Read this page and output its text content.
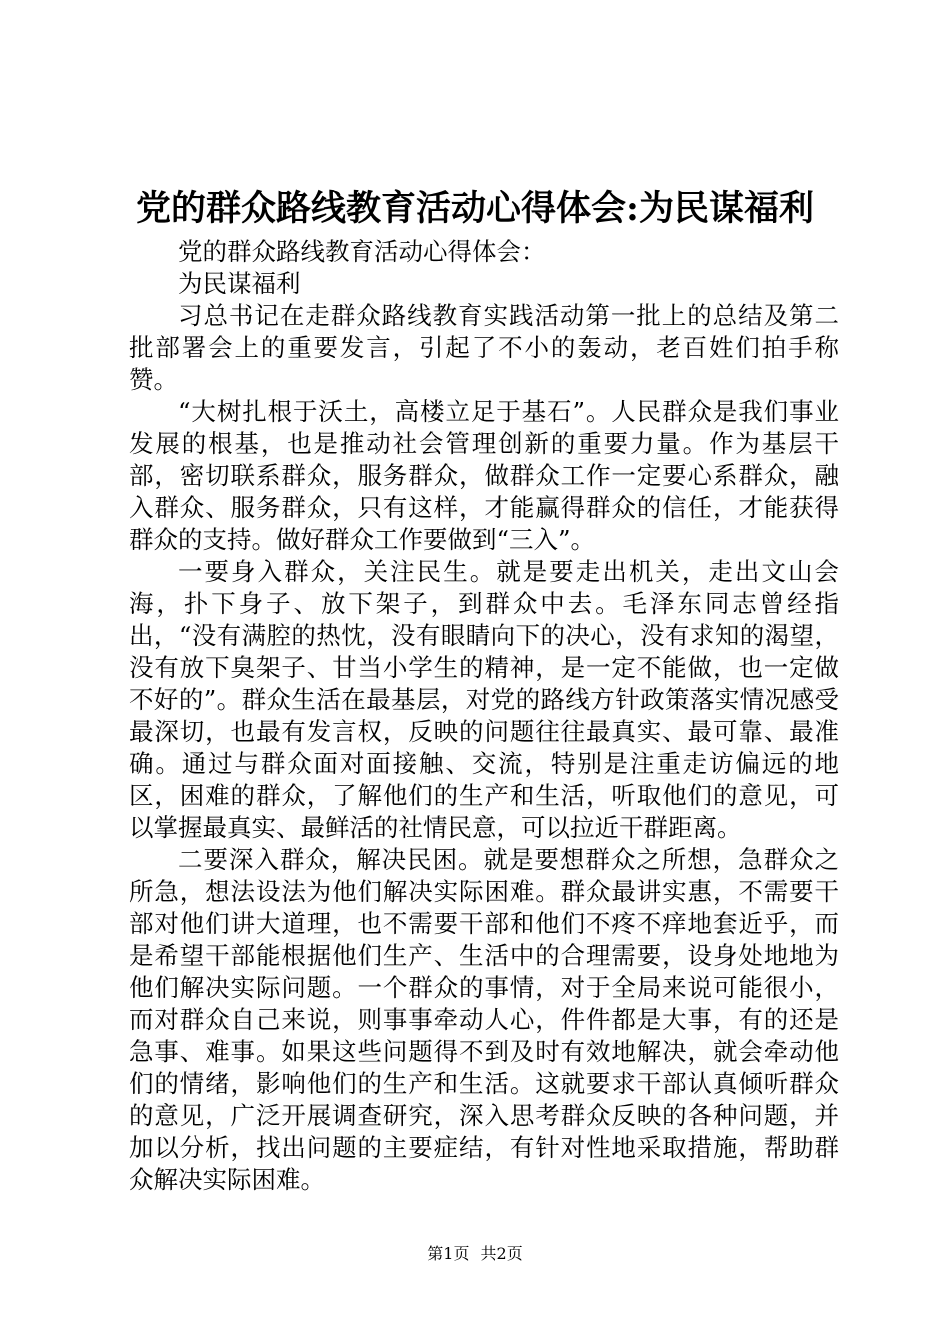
党的群众路线教育活动心得体会:为民谋福利

党的群众路线教育活动心得体会：

为民谋福利

习总书记在走群众路线教育实践活动第一批上的总结及第二批部署会上的重要发言，引起了不小的轰动，老百姓们拍手称赞。

“大树扎根于沃土，高楼立足于基石”。人民群众是我们事业发展的根基，也是推动社会管理创新的重要力量。作为基层干部，密切联系群众，服务群众，做群众工作一定要心系群众，融入群众、服务群众，只有这样，才能赢得群众的信任，才能获得群众的支持。做好群众工作要做到“三入”。

一要身入群众，关注民生。就是要走出机关，走出文山会海，扑下身子、放下架子，到群众中去。毛泽东同志曾经指出，“没有满腔的热忱，没有眼睛向下的决心，没有求知的渴望，没有放下臭架子、甘当小学生的精神，是一定不能做，也一定做不好的”。群众生活在最基层，对党的路线方针政策落实情况感受最深切，也最有发言权，反映的问题往往最真实、最可靠、最准确。通过与群众面对面接触、交流，特别是注重走访偏远的地区，困难的群众，了解他们的生产和生活，听取他们的意见，可以掌握最真实、最鲜活的社情民意，可以拉近干群距离。

二要深入群众，解决民困。就是要想群众之所想，急群众之所急，想法设法为他们解决实际困难。群众最讲实惠，不需要干部对他们讲大道理，也不需要干部和他们不疼不痒地套近乎，而是希望干部能根据他们生产、生活中的合理需要，设身处地地为他们解决实际问题。一个群众的事情，对于全局来说可能很小，而对群众自己来说，则事事牵动人心，件件都是大事，有的还是急事、难事。如果这些问题得不到及时有效地解决，就会牵动他们的情绪，影响他们的生产和生活。这就要求干部认真倾听群众的意见，广泛开展调查研究，深入思考群众反映的各种问题，并加以分析，找出问题的主要症结，有针对性地采取措施，帮助群众解决实际困难。

第1页 共2页
